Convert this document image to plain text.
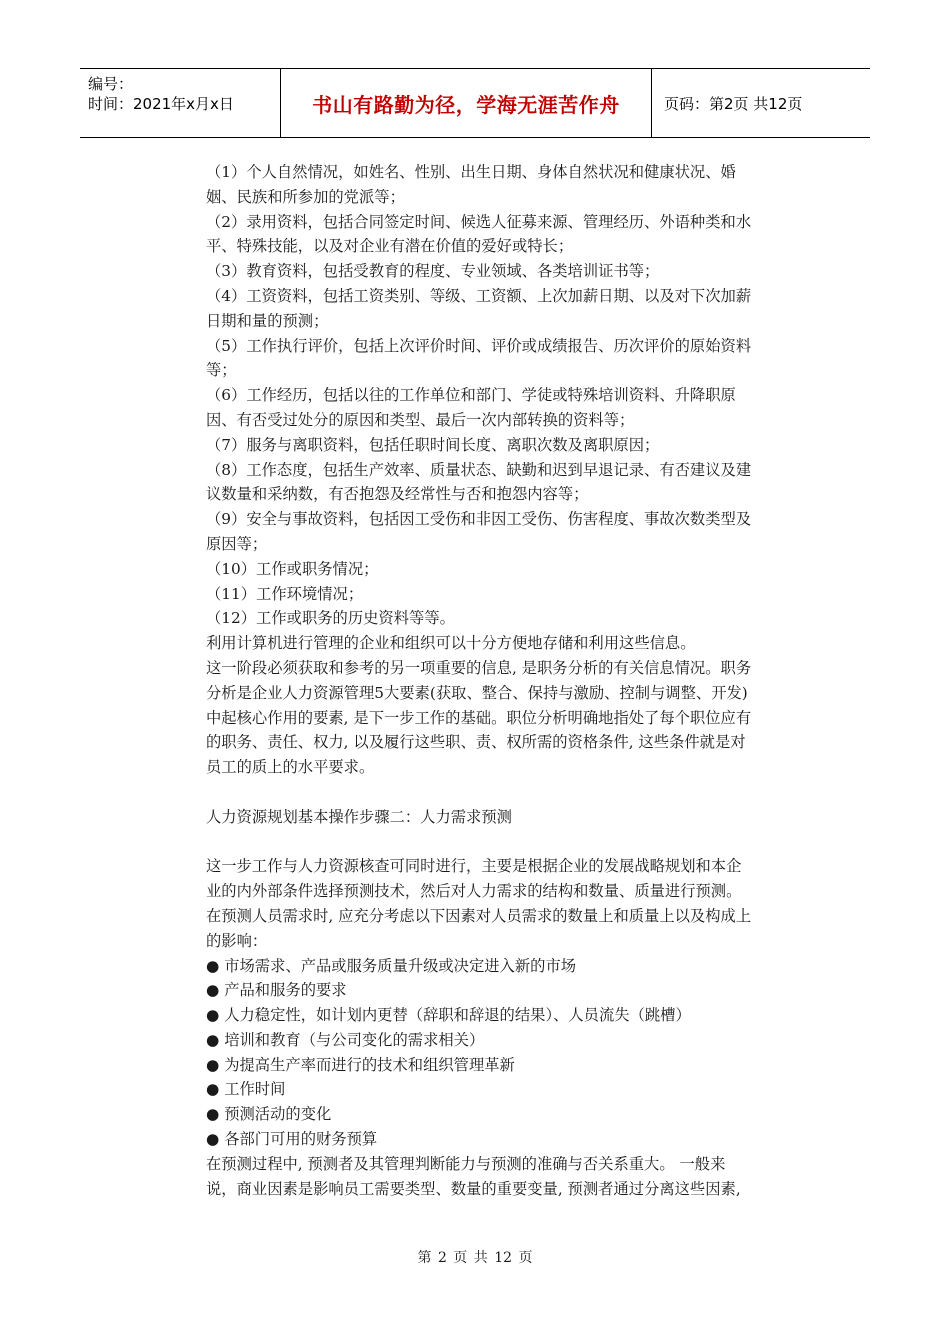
编号：
时间：2021年x月x日	书山有路勤为径，学海无涯苦作舟	页码：第2页 共12页
（1）个人自然情况，如姓名、性别、出生日期、身体自然状况和健康状况、婚
姻、民族和所参加的党派等；
（2）录用资料，包括合同签定时间、候选人征募来源、管理经历、外语种类和水
平、特殊技能，以及对企业有潜在价值的爱好或特长；
（3）教育资料，包括受教育的程度、专业领域、各类培训证书等；
（4）工资资料，包括工资类别、等级、工资额、上次加薪日期、以及对下次加薪
日期和量的预测；
（5）工作执行评价，包括上次评价时间、评价或成绩报告、历次评价的原始资料
等；
（6）工作经历，包括以往的工作单位和部门、学徒或特殊培训资料、升降职原
因、有否受过处分的原因和类型、最后一次内部转换的资料等；
（7）服务与离职资料，包括任职时间长度、离职次数及离职原因；
（8）工作态度，包括生产效率、质量状态、缺勤和迟到早退记录、有否建议及建
议数量和采纳数，有否抱怨及经常性与否和抱怨内容等；
（9）安全与事故资料，包括因工受伤和非因工受伤、伤害程度、事故次数类型及
原因等；
（10）工作或职务情况；
（11）工作环境情况；
（12）工作或职务的历史资料等等。
利用计算机进行管理的企业和组织可以十分方便地存储和利用这些信息。
这一阶段必须获取和参考的另一项重要的信息, 是职务分析的有关信息情况。职务
分析是企业人力资源管理5大要素(获取、整合、保持与激励、控制与调整、开发)
中起核心作用的要素, 是下一步工作的基础。职位分析明确地指处了每个职位应有
的职务、责任、权力, 以及履行这些职、责、权所需的资格条件, 这些条件就是对
员工的质上的水平要求。
人力资源规划基本操作步骤二：人力需求预测
这一步工作与人力资源核查可同时进行，主要是根据企业的发展战略规划和本企
业的内外部条件选择预测技术，然后对人力需求的结构和数量、质量进行预测。
在预测人员需求时, 应充分考虑以下因素对人员需求的数量上和质量上以及构成上
的影响：
● 市场需求、产品或服务质量升级或决定进入新的市场
● 产品和服务的要求
● 人力稳定性，如计划内更替（辞职和辞退的结果）、人员流失（跳槽）
● 培训和教育（与公司变化的需求相关）
● 为提高生产率而进行的技术和组织管理革新
● 工作时间
● 预测活动的变化
● 各部门可用的财务预算
在预测过程中, 预测者及其管理判断能力与预测的准确与否关系重大。 一般来
说，商业因素是影响员工需要类型、数量的重要变量, 预测者通过分离这些因素,
第 2 页 共 12 页
